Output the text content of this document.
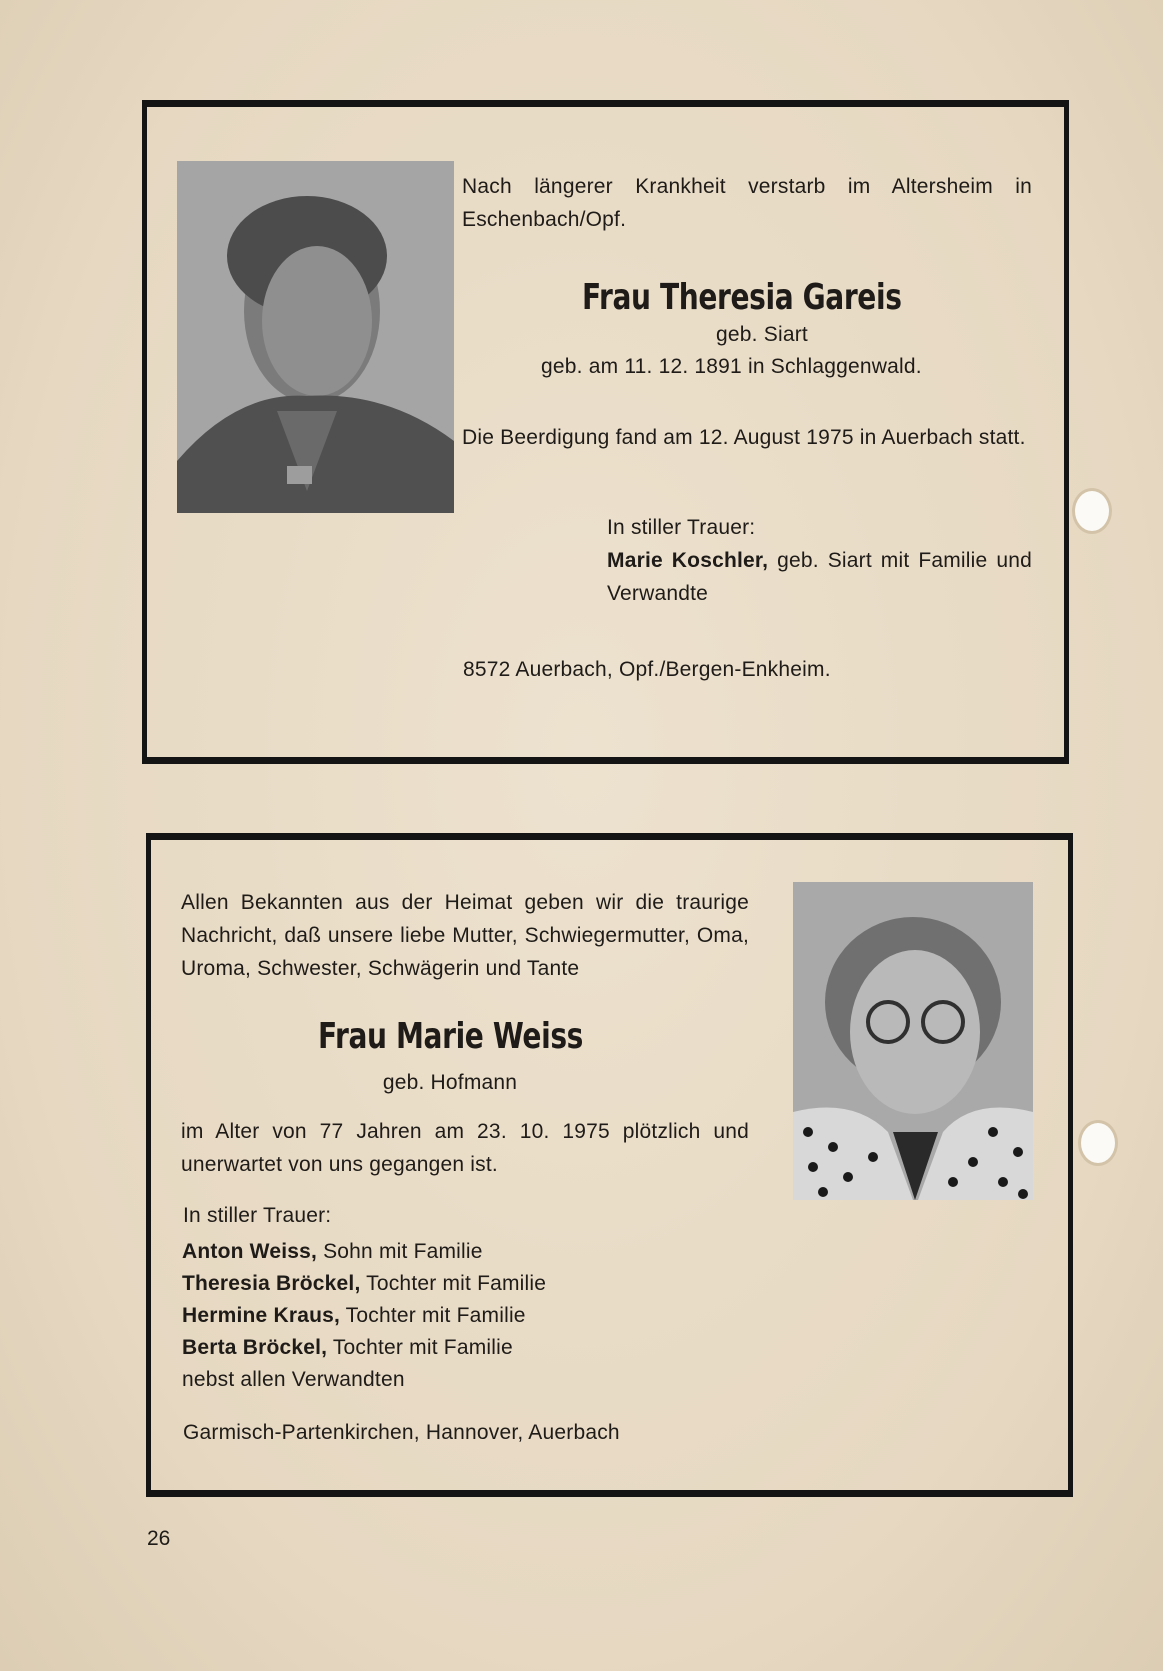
Nach längerer Krankheit verstarb im Altersheim in Eschenbach/Opf.
Frau Theresia Gareis
geb. Siart
geb. am 11. 12. 1891 in Schlaggenwald.
Die Beerdigung fand am 12. August 1975 in Auerbach statt.
In stiller Trauer:
Marie Koschler, geb. Siart mit Familie und Verwandte
8572 Auerbach, Opf./Bergen-Enkheim.
Allen Bekannten aus der Heimat geben wir die traurige Nachricht, daß unsere liebe Mutter, Schwiegermutter, Oma, Uroma, Schwester, Schwägerin und Tante
Frau Marie Weiss
geb. Hofmann
im Alter von 77 Jahren am 23. 10. 1975 plötzlich und unerwartet von uns gegangen ist.
In stiller Trauer:
Anton Weiss, Sohn mit Familie
Theresia Bröckel, Tochter mit Familie
Hermine Kraus, Tochter mit Familie
Berta Bröckel, Tochter mit Familie
nebst allen Verwandten
Garmisch-Partenkirchen, Hannover, Auerbach
26
